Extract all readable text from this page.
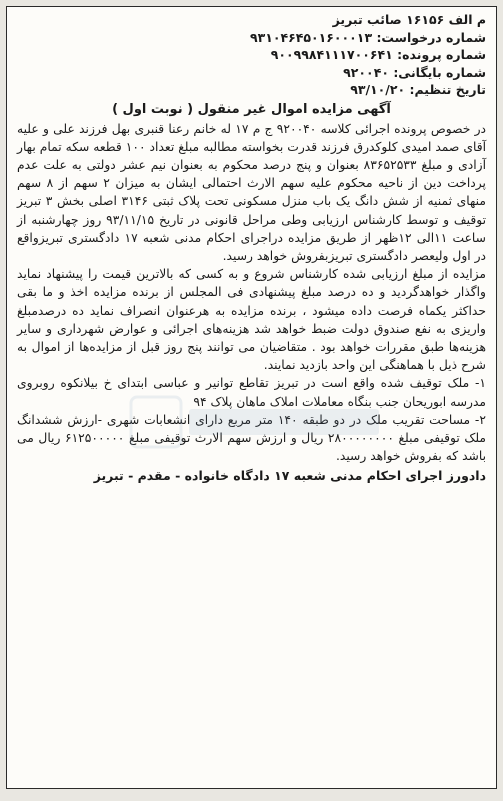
م الف ۱۶۱۵۶ صائب تبریز
شماره درخواست: ۹۳۱۰۴۶۴۵۰۱۶۰۰۰۱۳
شماره پرونده: ۹۰۰۹۹۸۴۱۱۱۷۰۰۶۴۱
شماره بایگانی: ۹۲۰۰۴۰
تاریخ تنظیم: ۹۳/۱۰/۲۰
آگهی مزایده اموال غیر منقول ( نوبت اول )

در خصوص پرونده اجرائی کلاسه ۹۲۰۰۴۰ ج م ۱۷ له خانم رعنا قنبری بهل فرزند علی و علیه آقای صمد امیدی کلوکدرق فرزند قدرت بخواسته مطالبه مبلغ تعداد ۱۰۰ قطعه سکه تمام بهار آزادی و مبلغ ۸۳۶۵۲۵۳۳ بعنوان و پنج درصد محکوم به بعنوان نیم عشر دولتی به علت عدم پرداخت دین از ناحیه محکوم علیه سهم الارث احتمالی ایشان به میزان ۲ سهم از ۸ سهم منهای ثمنیه از شش دانگ یک باب منزل مسکونی تحت پلاک ثبتی ۳۱۴۶ اصلی بخش ۳ تبریز توقیف و توسط کارشناس ارزیابی وطی مراحل قانونی در تاریخ ۹۳/۱۱/۱۵ روز چهارشنبه از ساعت ۱۱الی ۱۲ظهر از طریق مزایده دراجرای احکام مدنی شعبه ۱۷ دادگستری تبریزواقع در اول ولیعصر دادگستری تبریزبفروش خواهد رسید.

مزایده از مبلغ ارزیابی شده کارشناس شروع و به کسی که بالاترین قیمت را پیشنهاد نماید واگذار خواهدگردید و ده درصد مبلغ پیشنهادی فی المجلس از برنده مزایده اخذ و ما بقی حداکثر یکماه فرصت داده میشود ، برنده مزایده به هرعنوان انصراف نماید ده درصدمبلغ واریزی به نفع صندوق دولت ضبط خواهد شد هزینه‌های اجرائی و عوارض شهرداری و سایر هزینه‌ها طبق مقررات خواهد بود . متقاضیان می توانند پنج روز قبل از مزایده‌ها از اموال به شرح ذیل با هماهنگی این واحد بازدید نمایند.

۱- ملک توقیف شده واقع است در تبریز تقاطع توانیر و عباسی ابتدای خ بیلانکوه روبروی مدرسه ابوریحان جنب بنگاه معاملات املاک ماهان پلاک ۹۴

۲- مساحت تقریب ملک در دو طبقه ۱۴۰ متر مربع دارای انشعابات شهری -ارزش ششدانگ ملک توقیفی مبلغ ۲۸۰۰۰۰۰۰۰۰ ریال و ارزش سهم الارث توقیفی مبلغ ۶۱۲۵۰۰۰۰۰ ریال می باشد که بفروش خواهد رسید.

دادورز اجرای احکام مدنی شعبه ۱۷ دادگاه خانواده - مقدم - تبریز
